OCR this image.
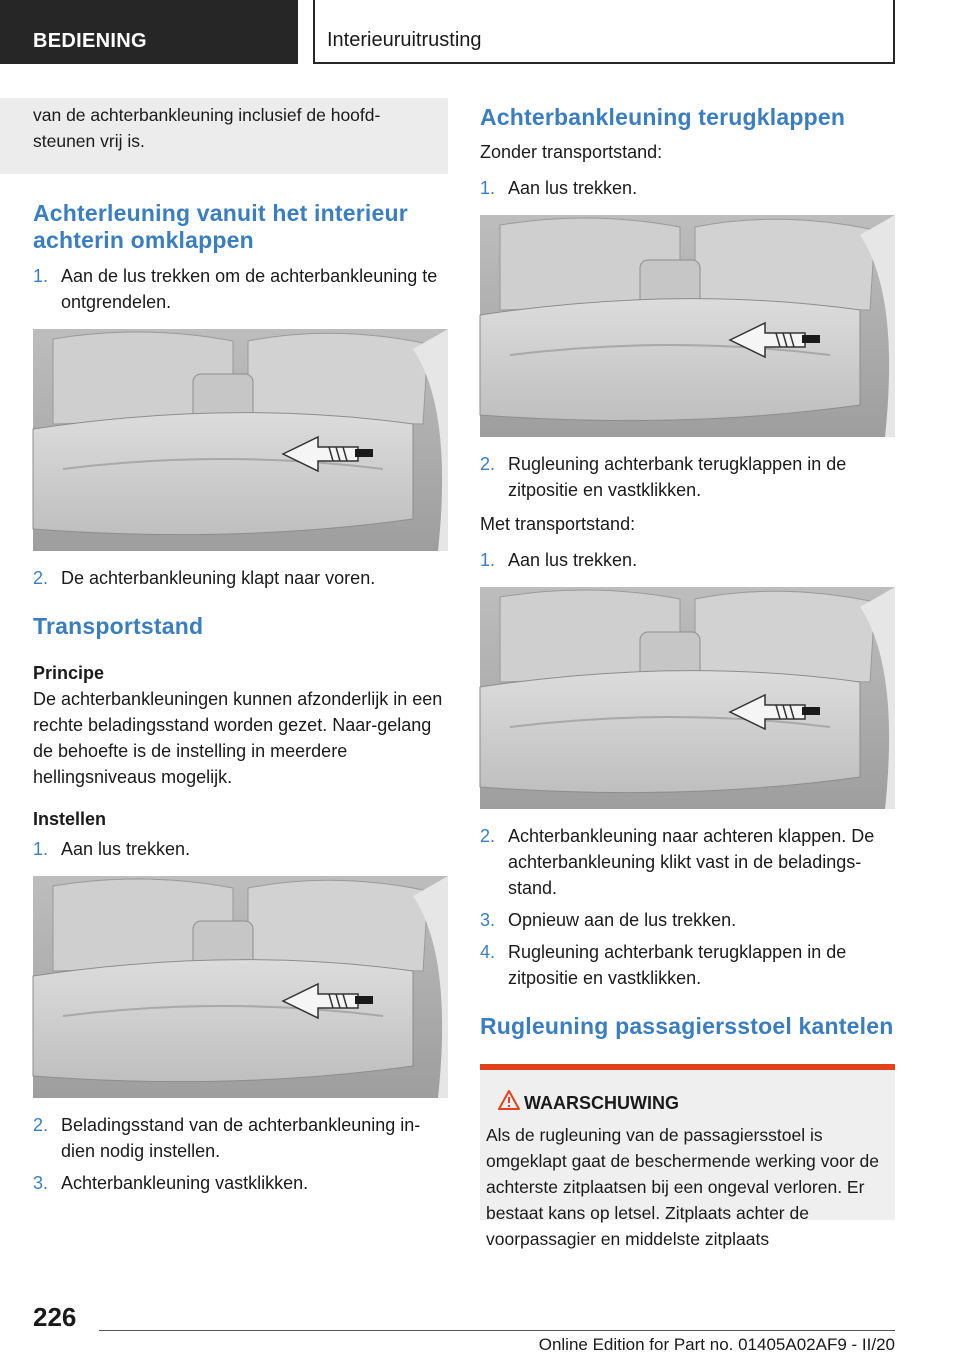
BEDIENING	Interieuruitrusting
van de achterbankleuning inclusief de hoofd-steunen vrij is.
Achterleuning vanuit het interieur achterin omklappen
1. Aan de lus trekken om de achterbankleuning te ontgrendelen.
2. De achterbankleuning klapt naar voren.
Transportstand
Principe

De achterbankleuningen kunnen afzonderlijk in een rechte beladingsstand worden gezet. Naar-gelang de behoefte is de instelling in meerdere hellingsniveaus mogelijk.

Instellen
1. Aan lus trekken.
2. Beladingsstand van de achterbankleuning in-dien nodig instellen.
3. Achterbankleuning vastklikken.
Achterbankleuning terugklappen

Zonder transportstand:

1. Aan lus trekken.
2. Rugleuning achterbank terugklappen in de zitpositie en vastklikken.

Met transportstand:

1. Aan lus trekken.
2. Achterbankleuning naar achteren klappen. De achterbankleuning klikt vast in de beladings-stand.
3. Opnieuw aan de lus trekken.
4. Rugleuning achterbank terugklappen in de zitpositie en vastklikken.
Rugleuning passagiersstoel kantelen
WAARSCHUWING

Als de rugleuning van de passagiersstoel is omgeklapt gaat de beschermende werking voor de achterste zitplaatsen bij een ongeval verloren. Er bestaat kans op letsel. Zitplaats achter de voorpassagier en middelste zitplaats

226
Online Edition for Part no. 01405A02AF9 - II/20
